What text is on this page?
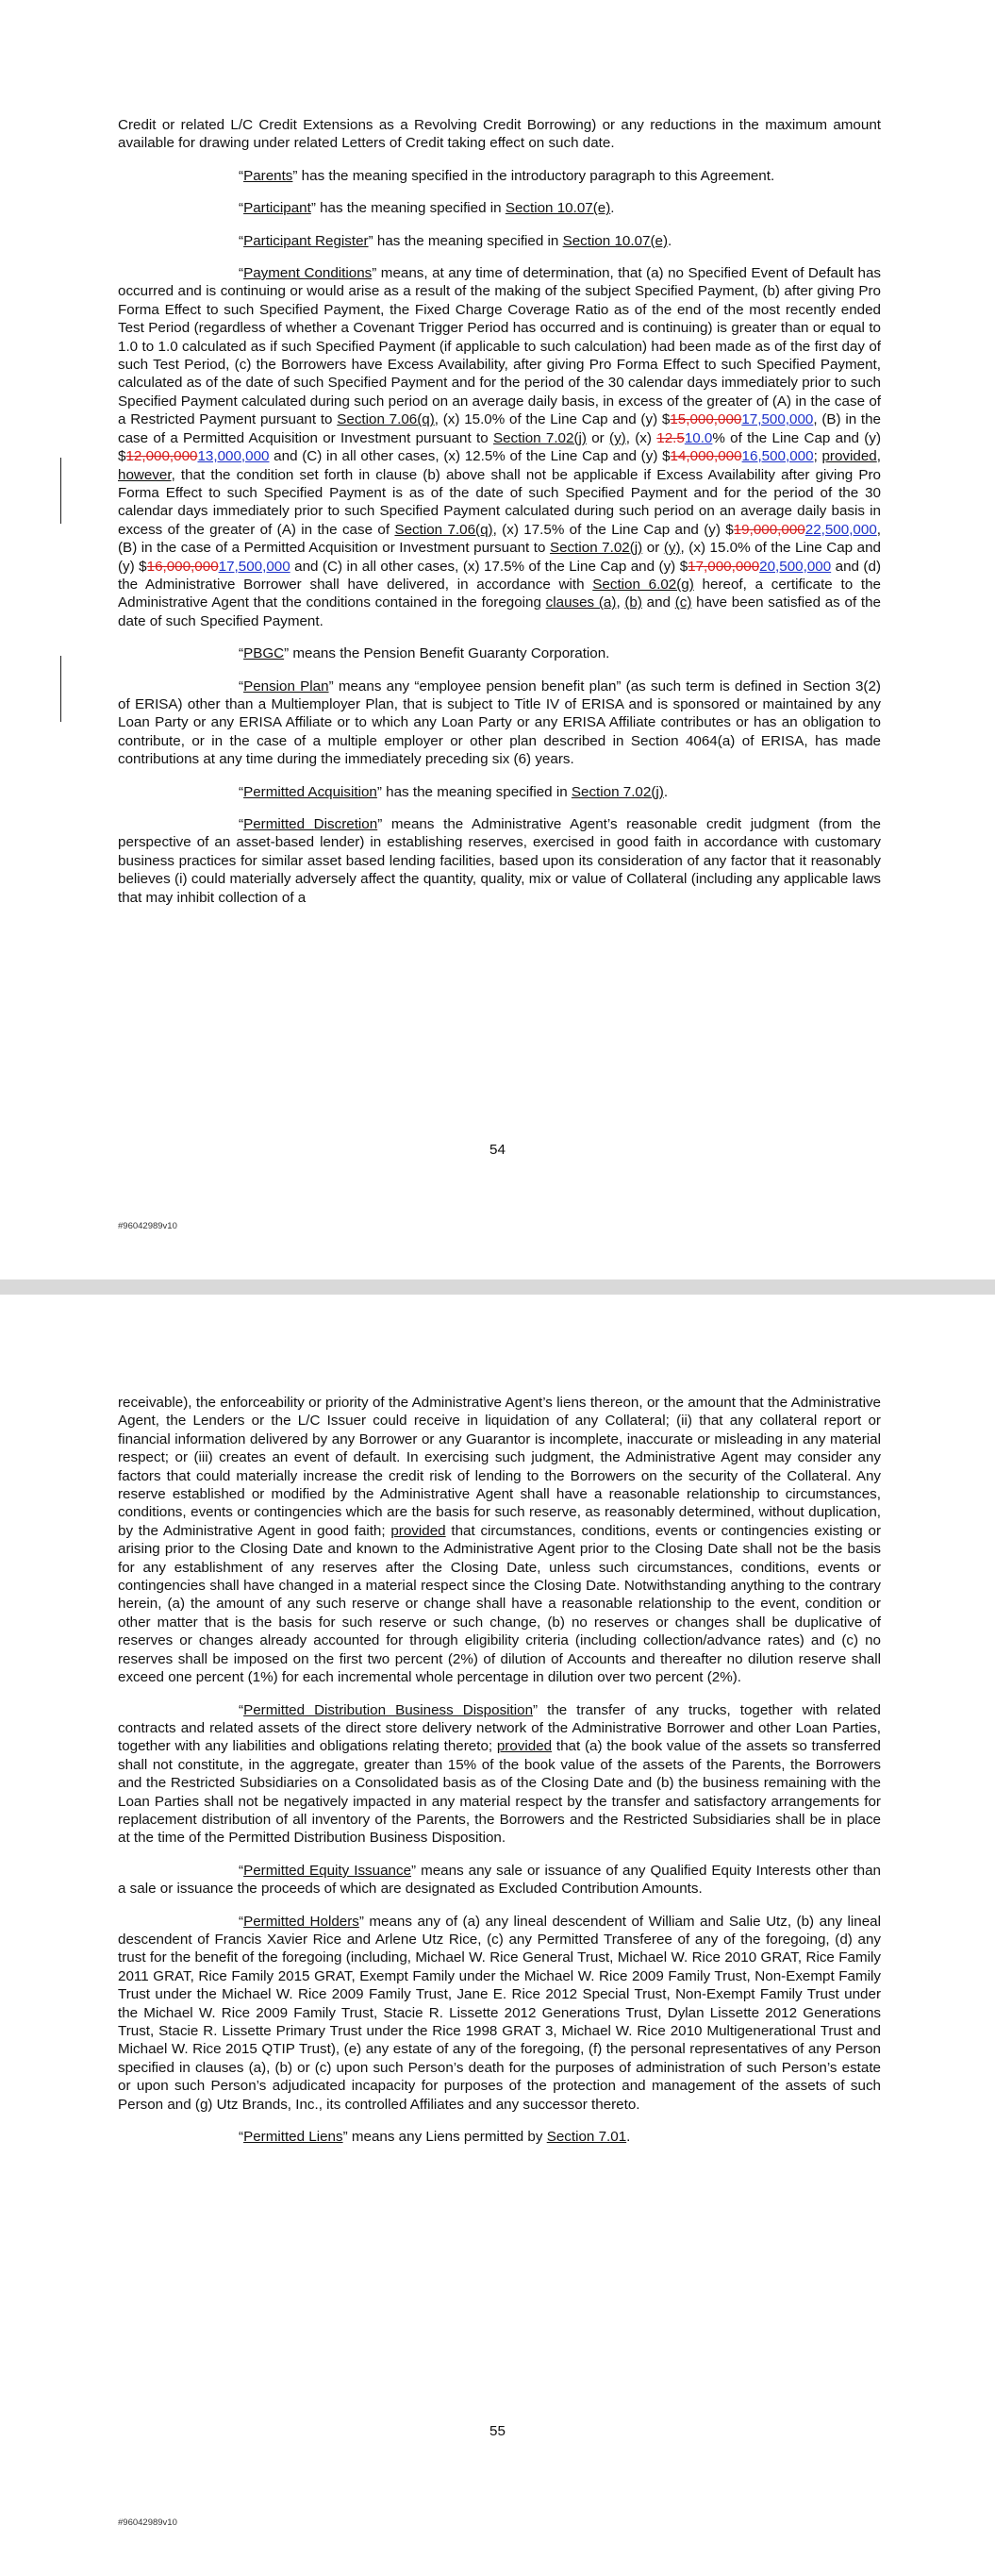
Credit or related L/C Credit Extensions as a Revolving Credit Borrowing) or any reductions in the maximum amount available for drawing under related Letters of Credit taking effect on such date.

“Parents” has the meaning specified in the introductory paragraph to this Agreement.

“Participant” has the meaning specified in Section 10.07(e).

“Participant Register” has the meaning specified in Section 10.07(e).

“Payment Conditions” means, at any time of determination, that (a) no Specified Event of Default has occurred and is continuing or would arise as a result of the making of the subject Specified Payment, (b) after giving Pro Forma Effect to such Specified Payment, the Fixed Charge Coverage Ratio as of the end of the most recently ended Test Period (regardless of whether a Covenant Trigger Period has occurred and is continuing) is greater than or equal to 1.0 to 1.0 calculated as if such Specified Payment (if applicable to such calculation) had been made as of the first day of such Test Period, (c) the Borrowers have Excess Availability, after giving Pro Forma Effect to such Specified Payment, calculated as of the date of such Specified Payment and for the period of the 30 calendar days immediately prior to such Specified Payment calculated during such period on an average daily basis, in excess of the greater of (A) in the case of a Restricted Payment pursuant to Section 7.06(q), (x) 15.0% of the Line Cap and (y) $15,000,00017,500,000, (B) in the case of a Permitted Acquisition or Investment pursuant to Section 7.02(j) or (y), (x) 12.510.0% of the Line Cap and (y) $12,000,00013,000,000 and (C) in all other cases, (x) 12.5% of the Line Cap and (y) $14,000,00016,500,000; provided, however, that the condition set forth in clause (b) above shall not be applicable if Excess Availability after giving Pro Forma Effect to such Specified Payment is as of the date of such Specified Payment and for the period of the 30 calendar days immediately prior to such Specified Payment calculated during such period on an average daily basis in excess of the greater of (A) in the case of Section 7.06(q), (x) 17.5% of the Line Cap and (y) $19,000,00022,500,000, (B) in the case of a Permitted Acquisition or Investment pursuant to Section 7.02(j) or (y), (x) 15.0% of the Line Cap and (y) $16,000,00017,500,000 and (C) in all other cases, (x) 17.5% of the Line Cap and (y) $17,000,00020,500,000 and (d) the Administrative Borrower shall have delivered, in accordance with Section 6.02(g) hereof, a certificate to the Administrative Agent that the conditions contained in the foregoing clauses (a), (b) and (c) have been satisfied as of the date of such Specified Payment.

“PBGC” means the Pension Benefit Guaranty Corporation.

“Pension Plan” means any “employee pension benefit plan” (as such term is defined in Section 3(2) of ERISA) other than a Multiemployer Plan, that is subject to Title IV of ERISA and is sponsored or maintained by any Loan Party or any ERISA Affiliate or to which any Loan Party or any ERISA Affiliate contributes or has an obligation to contribute, or in the case of a multiple employer or other plan described in Section 4064(a) of ERISA, has made contributions at any time during the immediately preceding six (6) years.

“Permitted Acquisition” has the meaning specified in Section 7.02(j).

“Permitted Discretion” means the Administrative Agent’s reasonable credit judgment (from the perspective of an asset-based lender) in establishing reserves, exercised in good faith in accordance with customary business practices for similar asset based lending facilities, based upon its consideration of any factor that it reasonably believes (i) could materially adversely affect the quantity, quality, mix or value of Collateral (including any applicable laws that may inhibit collection of a

54
#96042989v10

receivable), the enforceability or priority of the Administrative Agent’s liens thereon, or the amount that the Administrative Agent, the Lenders or the L/C Issuer could receive in liquidation of any Collateral; (ii) that any collateral report or financial information delivered by any Borrower or any Guarantor is incomplete, inaccurate or misleading in any material respect; or (iii) creates an event of default. In exercising such judgment, the Administrative Agent may consider any factors that could materially increase the credit risk of lending to the Borrowers on the security of the Collateral. Any reserve established or modified by the Administrative Agent shall have a reasonable relationship to circumstances, conditions, events or contingencies which are the basis for such reserve, as reasonably determined, without duplication, by the Administrative Agent in good faith; provided that circumstances, conditions, events or contingencies existing or arising prior to the Closing Date and known to the Administrative Agent prior to the Closing Date shall not be the basis for any establishment of any reserves after the Closing Date, unless such circumstances, conditions, events or contingencies shall have changed in a material respect since the Closing Date. Notwithstanding anything to the contrary herein, (a) the amount of any such reserve or change shall have a reasonable relationship to the event, condition or other matter that is the basis for such reserve or such change, (b) no reserves or changes shall be duplicative of reserves or changes already accounted for through eligibility criteria (including collection/advance rates) and (c) no reserves shall be imposed on the first two percent (2%) of dilution of Accounts and thereafter no dilution reserve shall exceed one percent (1%) for each incremental whole percentage in dilution over two percent (2%).

“Permitted Distribution Business Disposition” the transfer of any trucks, together with related contracts and related assets of the direct store delivery network of the Administrative Borrower and other Loan Parties, together with any liabilities and obligations relating thereto; provided that (a) the book value of the assets so transferred shall not constitute, in the aggregate, greater than 15% of the book value of the assets of the Parents, the Borrowers and the Restricted Subsidiaries on a Consolidated basis as of the Closing Date and (b) the business remaining with the Loan Parties shall not be negatively impacted in any material respect by the transfer and satisfactory arrangements for replacement distribution of all inventory of the Parents, the Borrowers and the Restricted Subsidiaries shall be in place at the time of the Permitted Distribution Business Disposition.

“Permitted Equity Issuance” means any sale or issuance of any Qualified Equity Interests other than a sale or issuance the proceeds of which are designated as Excluded Contribution Amounts.

“Permitted Holders” means any of (a) any lineal descendent of William and Salie Utz, (b) any lineal descendent of Francis Xavier Rice and Arlene Utz Rice, (c) any Permitted Transferee of any of the foregoing, (d) any trust for the benefit of the foregoing (including, Michael W. Rice General Trust, Michael W. Rice 2010 GRAT, Rice Family 2011 GRAT, Rice Family 2015 GRAT, Exempt Family under the Michael W. Rice 2009 Family Trust, Non-Exempt Family Trust under the Michael W. Rice 2009 Family Trust, Jane E. Rice 2012 Special Trust, Non-Exempt Family Trust under the Michael W. Rice 2009 Family Trust, Stacie R. Lissette 2012 Generations Trust, Dylan Lissette 2012 Generations Trust, Stacie R. Lissette Primary Trust under the Rice 1998 GRAT 3, Michael W. Rice 2010 Multigenerational Trust and Michael W. Rice 2015 QTIP Trust), (e) any estate of any of the foregoing, (f) the personal representatives of any Person specified in clauses (a), (b) or (c) upon such Person’s death for the purposes of administration of such Person’s estate or upon such Person’s adjudicated incapacity for purposes of the protection and management of the assets of such Person and (g) Utz Brands, Inc., its controlled Affiliates and any successor thereto.

“Permitted Liens” means any Liens permitted by Section 7.01.

55
#96042989v10
